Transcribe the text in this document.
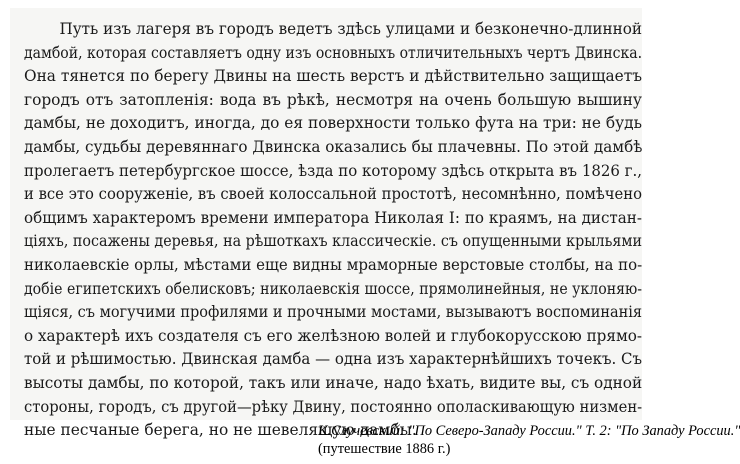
Путь изъ лагеря въ городъ ведетъ здѣсь улицами и безконечно-длинной
дамбой, которая составляетъ одну изъ основныхъ отличительныхъ чертъ Двинска.
Она тянется по берегу Двины на шесть верстъ и дѣйствительно защищаетъ
городъ отъ затопленія: вода въ рѣкѣ, несмотря на очень большую вышину
дамбы, не доходитъ, иногда, до ея поверхности только фута на три: не будь
дамбы, судьбы деревяннаго Двинска оказались бы плачевны. По этой дамбѣ
пролегаетъ петербургское шоссе, ѣзда по которому здѣсь открыта въ 1826 г.,
и все это сооруженіе, въ своей колоссальной простотѣ, несомнѣнно, помѣчено
общимъ характеромъ времени императора Николая I: по краямъ, на дистан-
ціяхъ, посажены деревья, на рѣшоткахъ классическіе. съ опущенными крыльями
николаевскіе орлы, мѣстами еще видны мраморные верстовые столбы, на по-
добіе египетскихъ обелисковъ; николаевскія шоссе, прямолинейныя, не уклоняю-
щіяся, съ могучими профилями и прочными мостами, вызываютъ воспоминанія
о характерѣ ихъ создателя съ его желѣзною волей и глубокорусскою прямо-
той и рѣшимостью. Двинская дамба — одна изъ характернѣйшихъ точекъ. Съ
высоты дамбы, по которой, такъ или иначе, надо ѣхать, видите вы, съ одной
стороны, городъ, съ другой—рѣку Двину, постоянно ополаскивающую низмен-
ные песчаные берега, но не шевелящую дамбы.
К.Случевский: "По Северо-Западу России." Т. 2: "По Западу России."
(путешествие 1886 г.)
